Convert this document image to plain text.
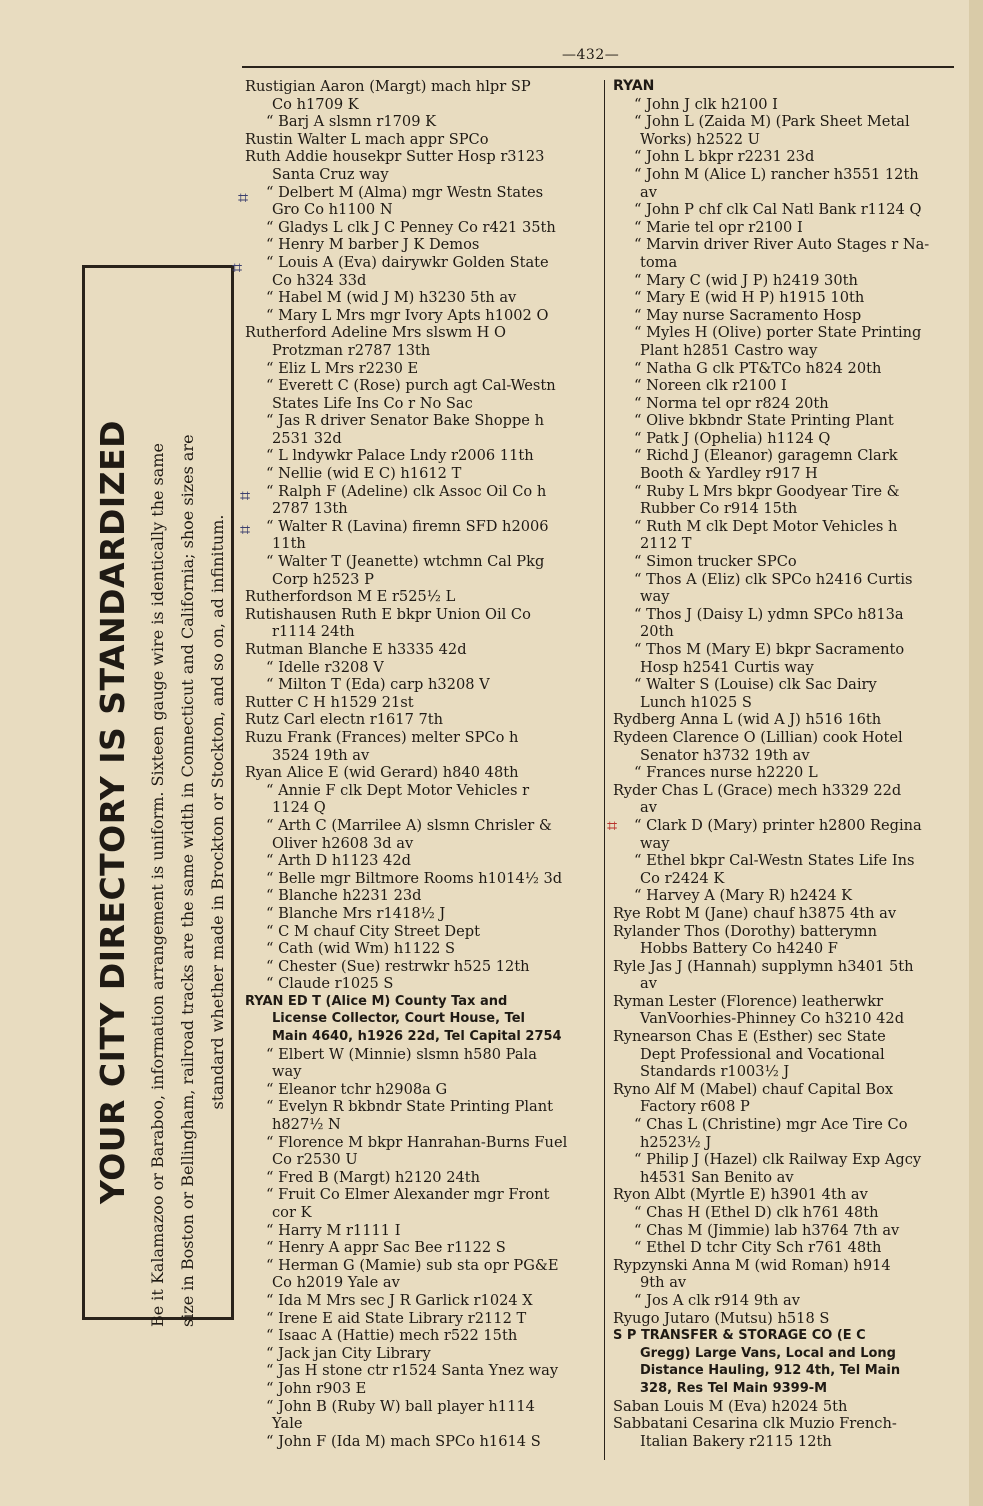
—432—
YOUR CITY DIRECTORY IS STANDARDIZED	Be it Kalamazoo or Baraboo, information arrangement is uniform. Sixteen gauge wire is identically the same size in Boston or Bellingham, railroad tracks are the same width in Connecticut and California; shoe sizes are standard whether made in Brockton or Stockton, and so on, ad infinitum.
Rustigian Aaron (Margt) mach hlpr SP
Co h1709 K
“ Barj A slsmn r1709 K
Rustin Walter L mach appr SPCo
Ruth Addie housekpr Sutter Hosp r3123
Santa Cruz way
“ Delbert M (Alma) mgr Westn States
Gro Co h1100 N
“ Gladys L clk J C Penney Co r421 35th
“ Henry M barber J K Demos
“ Louis A (Eva) dairywkr Golden State
Co h324 33d
“ Habel M (wid J M) h3230 5th av
“ Mary L Mrs mgr Ivory Apts h1002 O
Rutherford Adeline Mrs slswm H O
Protzman r2787 13th
“ Eliz L Mrs r2230 E
“ Everett C (Rose) purch agt Cal-Westn
States Life Ins Co r No Sac
“ Jas R driver Senator Bake Shoppe h
2531 32d
“ L lndywkr Palace Lndy r2006 11th
“ Nellie (wid E C) h1612 T
“ Ralph F (Adeline) clk Assoc Oil Co h
2787 13th
“ Walter R (Lavina) firemn SFD h2006
11th
“ Walter T (Jeanette) wtchmn Cal Pkg
Corp h2523 P
Rutherfordson M E r525½ L
Rutishausen Ruth E bkpr Union Oil Co
r1114 24th
Rutman Blanche E h3335 42d
“ Idelle r3208 V
“ Milton T (Eda) carp h3208 V
Rutter C H h1529 21st
Rutz Carl electn r1617 7th
Ruzu Frank (Frances) melter SPCo h
3524 19th av
Ryan Alice E (wid Gerard) h840 48th
“ Annie F clk Dept Motor Vehicles r
1124 Q
“ Arth C (Marrilee A) slsmn Chrisler &
Oliver h2608 3d av
“ Arth D h1123 42d
“ Belle mgr Biltmore Rooms h1014½ 3d
“ Blanche h2231 23d
“ Blanche Mrs r1418½ J
“ C M chauf City Street Dept
“ Cath (wid Wm) h1122 S
“ Chester (Sue) restrwkr h525 12th
“ Claude r1025 S
RYAN ED T (Alice M) County Tax and
License Collector, Court House, Tel
Main 4640, h1926 22d, Tel Capital 2754
“ Elbert W (Minnie) slsmn h580 Pala
way
“ Eleanor tchr h2908a G
“ Evelyn R bkbndr State Printing Plant
h827½ N
“ Florence M bkpr Hanrahan-Burns Fuel
Co r2530 U
“ Fred B (Margt) h2120 24th
“ Fruit Co Elmer Alexander mgr Front
cor K
“ Harry M r1111 I
“ Henry A appr Sac Bee r1122 S
“ Herman G (Mamie) sub sta opr PG&E
Co h2019 Yale av
“ Ida M Mrs sec J R Garlick r1024 X
“ Irene E aid State Library r2112 T
“ Isaac A (Hattie) mech r522 15th
“ Jack jan City Library
“ Jas H stone ctr r1524 Santa Ynez way
“ John r903 E
“ John B (Ruby W) ball player h1114
Yale
“ John F (Ida M) mach SPCo h1614 S
RYAN
“ John J clk h2100 I
“ John L (Zaida M) (Park Sheet Metal
Works) h2522 U
“ John L bkpr r2231 23d
“ John M (Alice L) rancher h3551 12th
av
“ John P chf clk Cal Natl Bank r1124 Q
“ Marie tel opr r2100 I
“ Marvin driver River Auto Stages r Na-
toma
“ Mary C (wid J P) h2419 30th
“ Mary E (wid H P) h1915 10th
“ May nurse Sacramento Hosp
“ Myles H (Olive) porter State Printing
Plant h2851 Castro way
“ Natha G clk PT&TCo h824 20th
“ Noreen clk r2100 I
“ Norma tel opr r824 20th
“ Olive bkbndr State Printing Plant
“ Patk J (Ophelia) h1124 Q
“ Richd J (Eleanor) garagemn Clark
Booth & Yardley r917 H
“ Ruby L Mrs bkpr Goodyear Tire &
Rubber Co r914 15th
“ Ruth M clk Dept Motor Vehicles h
2112 T
“ Simon trucker SPCo
“ Thos A (Eliz) clk SPCo h2416 Curtis
way
“ Thos J (Daisy L) ydmn SPCo h813a
20th
“ Thos M (Mary E) bkpr Sacramento
Hosp h2541 Curtis way
“ Walter S (Louise) clk Sac Dairy
Lunch h1025 S
Rydberg Anna L (wid A J) h516 16th
Rydeen Clarence O (Lillian) cook Hotel
Senator h3732 19th av
“ Frances nurse h2220 L
Ryder Chas L (Grace) mech h3329 22d
av
“ Clark D (Mary) printer h2800 Regina
way
“ Ethel bkpr Cal-Westn States Life Ins
Co r2424 K
“ Harvey A (Mary R) h2424 K
Rye Robt M (Jane) chauf h3875 4th av
Rylander Thos (Dorothy) batterymn
Hobbs Battery Co h4240 F
Ryle Jas J (Hannah) supplymn h3401 5th
av
Ryman Lester (Florence) leatherwkr
VanVoorhies-Phinney Co h3210 42d
Rynearson Chas E (Esther) sec State
Dept Professional and Vocational
Standards r1003½ J
Ryno Alf M (Mabel) chauf Capital Box
Factory r608 P
“ Chas L (Christine) mgr Ace Tire Co
h2523½ J
“ Philip J (Hazel) clk Railway Exp Agcy
h4531 San Benito av
Ryon Albt (Myrtle E) h3901 4th av
“ Chas H (Ethel D) clk h761 48th
“ Chas M (Jimmie) lab h3764 7th av
“ Ethel D tchr City Sch r761 48th
Rypzynski Anna M (wid Roman) h914
9th av
“ Jos A clk r914 9th av
Ryugo Jutaro (Mutsu) h518 S
S P TRANSFER & STORAGE CO (E C
Gregg) Large Vans, Local and Long
Distance Hauling, 912 4th, Tel Main
328, Res Tel Main 9399-M
Saban Louis M (Eva) h2024 5th
Sabbatani Cesarina clk Muzio French-
Italian Bakery r2115 12th
⌗
⌗
⌗
⌗
⌗
